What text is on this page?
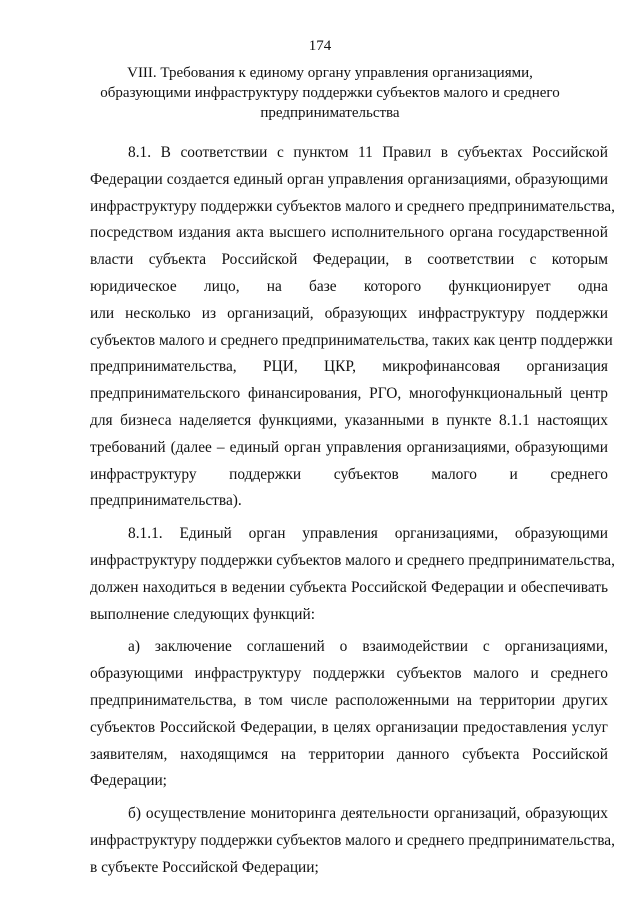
174
VIII. Требования к единому органу управления организациями,
образующими инфраструктуру поддержки субъектов малого и среднего
предпринимательства
8.1. В соответствии с пунктом 11 Правил в субъектах Российской
Федерации создается единый орган управления организациями, образующими
инфраструктуру поддержки субъектов малого и среднего предпринимательства,
посредством издания акта высшего исполнительного органа государственной
власти субъекта Российской Федерации, в соответствии с которым
юридическое лицо, на базе которого функционирует одна
или несколько из организаций, образующих инфраструктуру поддержки
субъектов малого и среднего предпринимательства, таких как центр поддержки
предпринимательства, РЦИ, ЦКР, микрофинансовая организация
предпринимательского финансирования, РГО, многофункциональный центр
для бизнеса наделяется функциями, указанными в пункте 8.1.1 настоящих
требований (далее – единый орган управления организациями, образующими
инфраструктуру поддержки субъектов малого и среднего
предпринимательства).
8.1.1. Единый орган управления организациями, образующими
инфраструктуру поддержки субъектов малого и среднего предпринимательства,
должен находиться в ведении субъекта Российской Федерации и обеспечивать
выполнение следующих функций:
а) заключение соглашений о взаимодействии с организациями,
образующими инфраструктуру поддержки субъектов малого и среднего
предпринимательства, в том числе расположенными на территории других
субъектов Российской Федерации, в целях организации предоставления услуг
заявителям, находящимся на территории данного субъекта Российской
Федерации;
б) осуществление мониторинга деятельности организаций, образующих
инфраструктуру поддержки субъектов малого и среднего предпринимательства,
в субъекте Российской Федерации;
